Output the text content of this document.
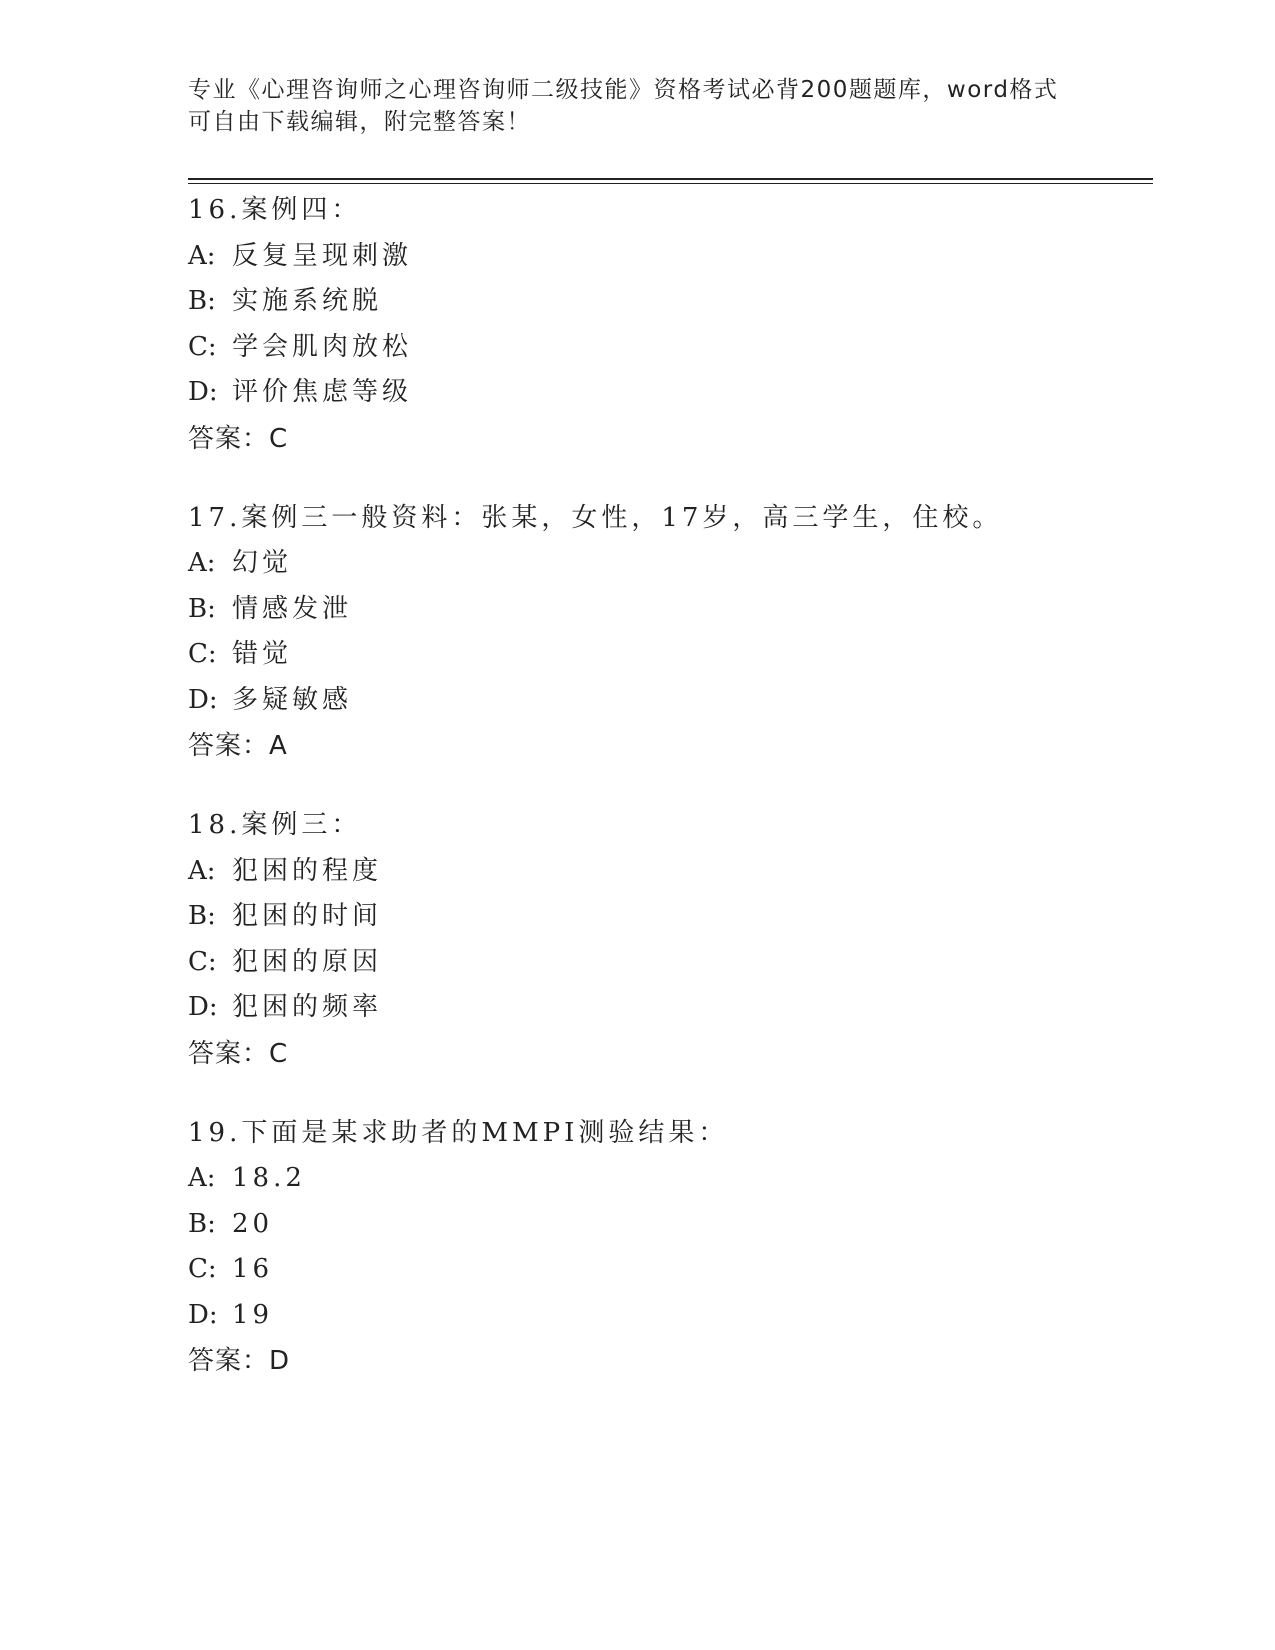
专业《心理咨询师之心理咨询师二级技能》资格考试必背200题题库，word格式

可自由下载编辑，附完整答案！

16.案例四：
A: 反复呈现刺激
B: 实施系统脱
C: 学会肌肉放松
D: 评价焦虑等级
答案：C
17.案例三一般资料：张某，女性，17岁，高三学生，住校。
A: 幻觉
B: 情感发泄
C: 错觉
D: 多疑敏感
答案：A
18.案例三：
A: 犯困的程度
B: 犯困的时间
C: 犯困的原因
D: 犯困的频率
答案：C
19.下面是某求助者的MMPI测验结果：
A: 18.2
B: 20
C: 16
D: 19
答案：D
